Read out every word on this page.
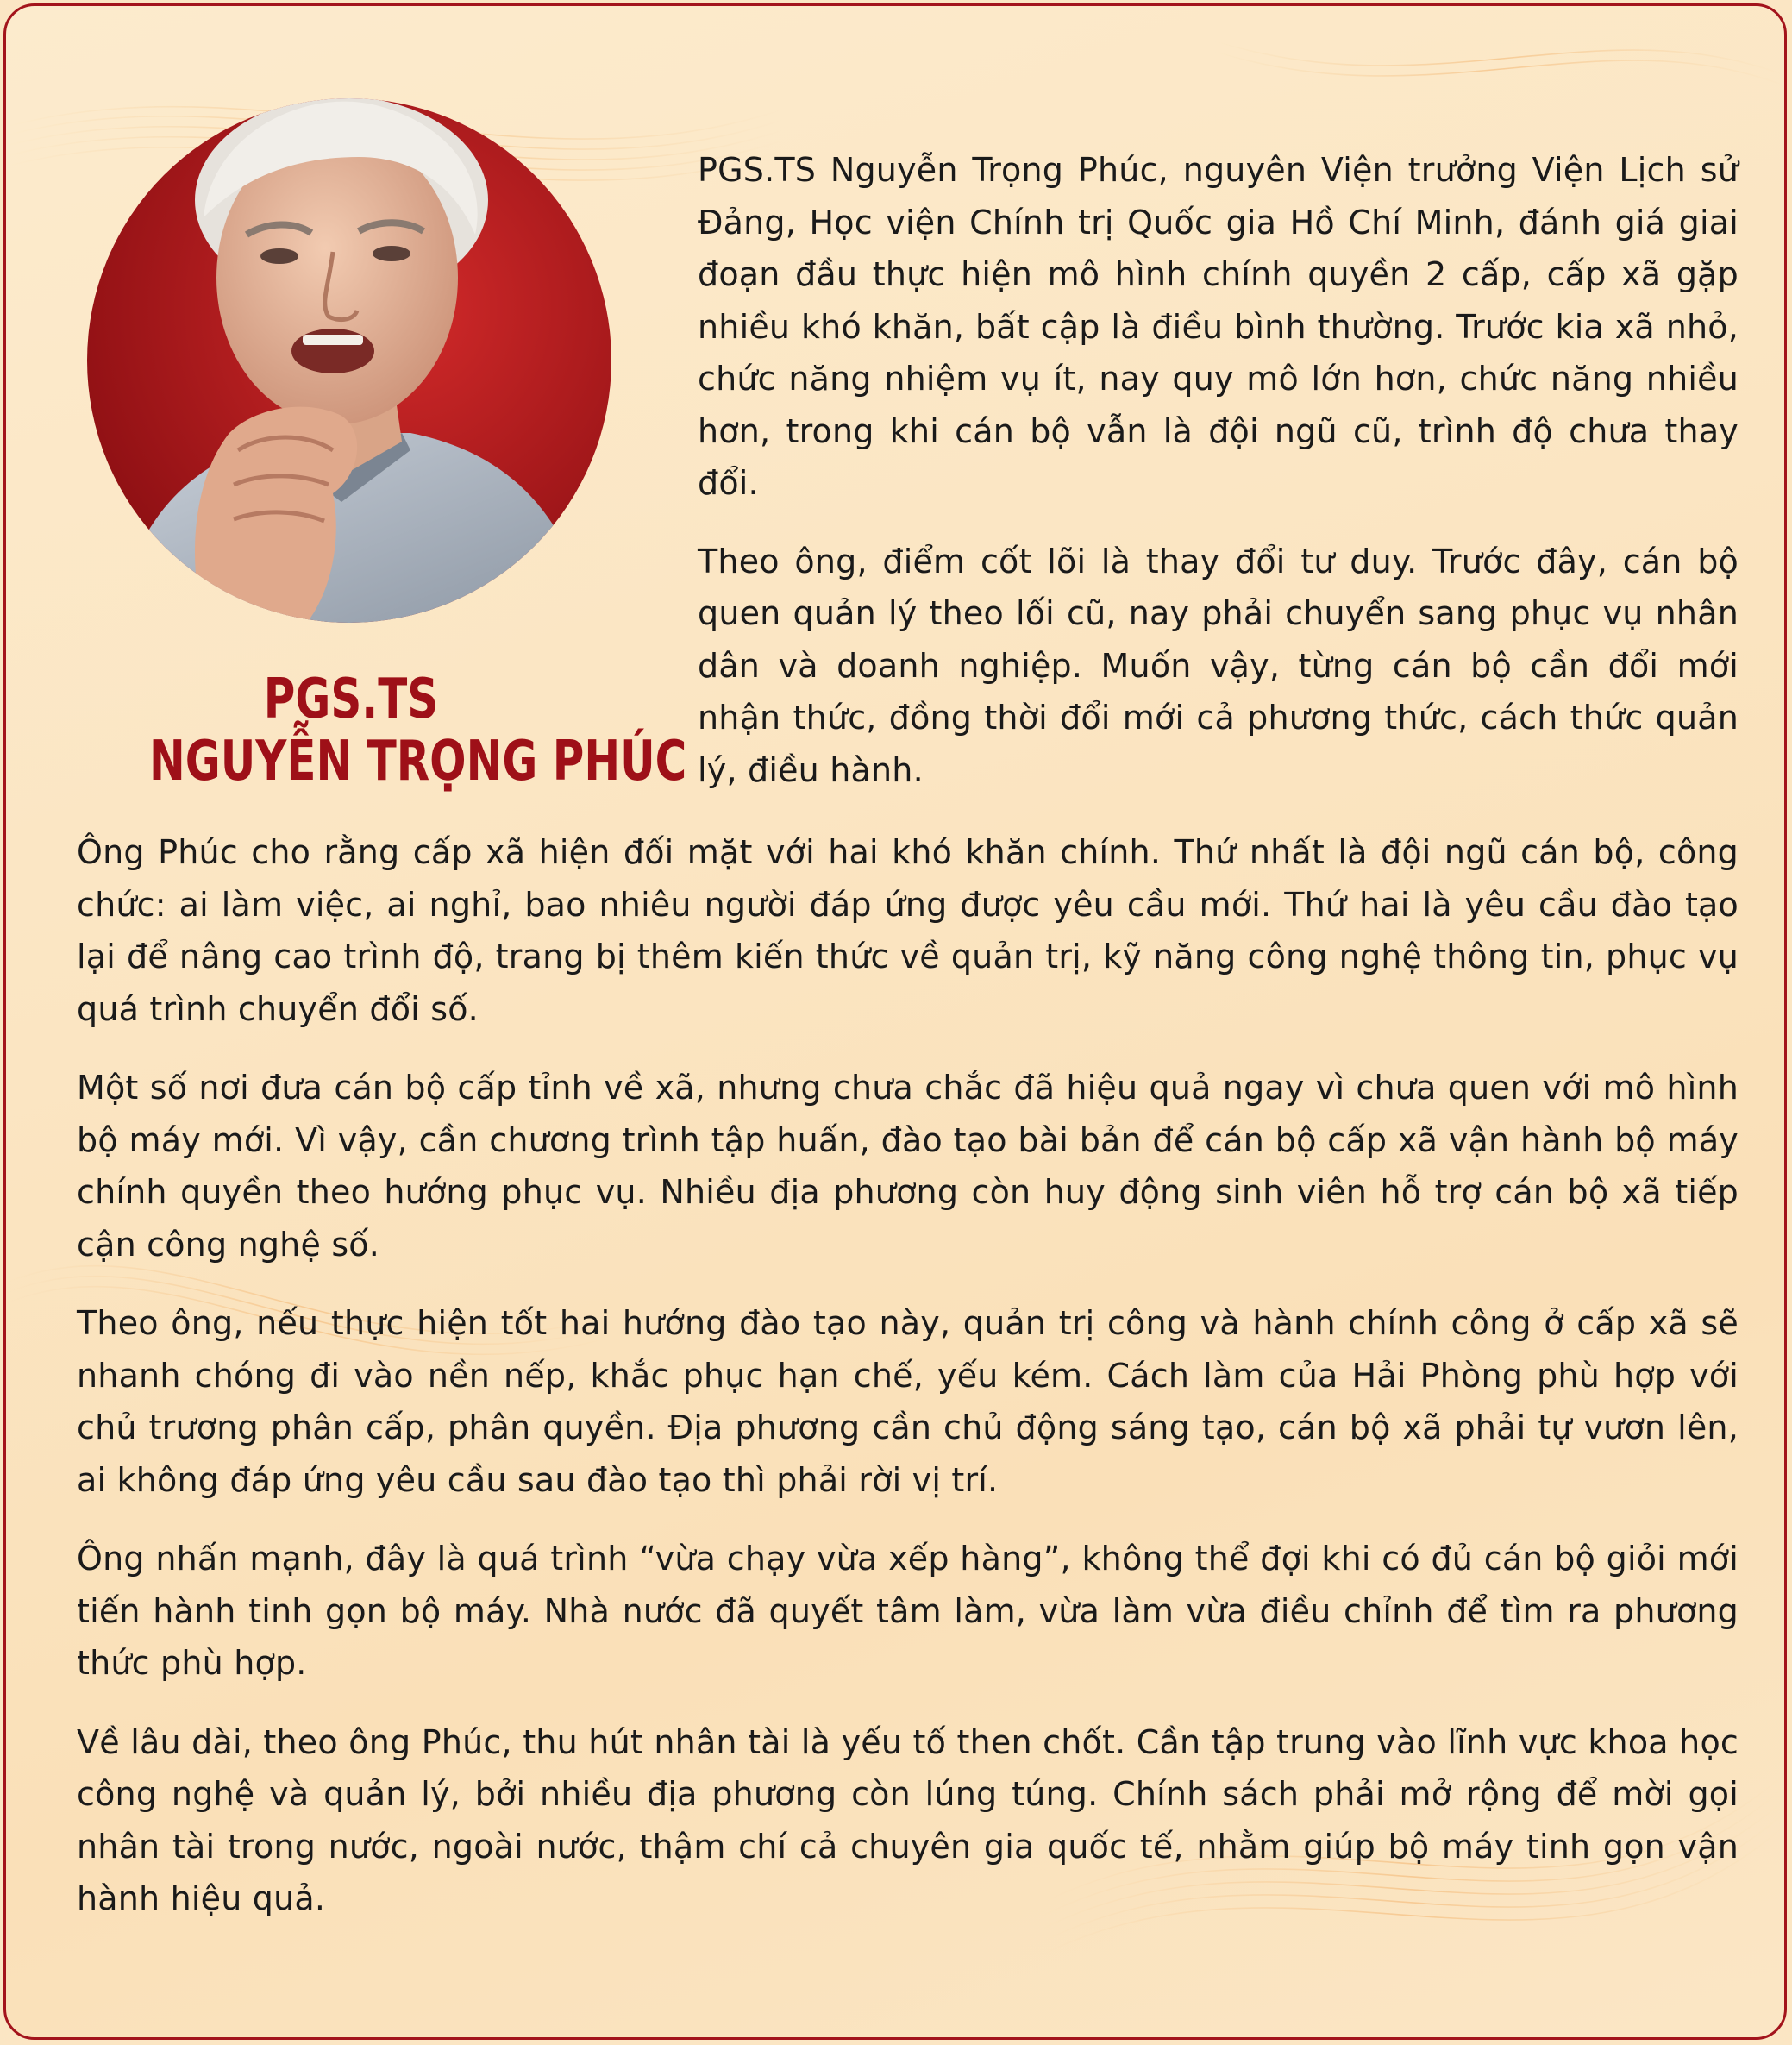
PGS.TS
NGUYỄN TRỌNG PHÚC

PGS.TS Nguyễn Trọng Phúc, nguyên Viện trưởng Viện Lịch sử Đảng, Học viện Chính trị Quốc gia Hồ Chí Minh, đánh giá giai đoạn đầu thực hiện mô hình chính quyền 2 cấp, cấp xã gặp nhiều khó khăn, bất cập là điều bình thường. Trước kia xã nhỏ, chức năng nhiệm vụ ít, nay quy mô lớn hơn, chức năng nhiều hơn, trong khi cán bộ vẫn là đội ngũ cũ, trình độ chưa thay đổi.

Theo ông, điểm cốt lõi là thay đổi tư duy. Trước đây, cán bộ quen quản lý theo lối cũ, nay phải chuyển sang phục vụ nhân dân và doanh nghiệp. Muốn vậy, từng cán bộ cần đổi mới nhận thức, đồng thời đổi mới cả phương thức, cách thức quản lý, điều hành.

Ông Phúc cho rằng cấp xã hiện đối mặt với hai khó khăn chính. Thứ nhất là đội ngũ cán bộ, công chức: ai làm việc, ai nghỉ, bao nhiêu người đáp ứng được yêu cầu mới. Thứ hai là yêu cầu đào tạo lại để nâng cao trình độ, trang bị thêm kiến thức về quản trị, kỹ năng công nghệ thông tin, phục vụ quá trình chuyển đổi số.

Một số nơi đưa cán bộ cấp tỉnh về xã, nhưng chưa chắc đã hiệu quả ngay vì chưa quen với mô hình bộ máy mới. Vì vậy, cần chương trình tập huấn, đào tạo bài bản để cán bộ cấp xã vận hành bộ máy chính quyền theo hướng phục vụ. Nhiều địa phương còn huy động sinh viên hỗ trợ cán bộ xã tiếp cận công nghệ số.

Theo ông, nếu thực hiện tốt hai hướng đào tạo này, quản trị công và hành chính công ở cấp xã sẽ nhanh chóng đi vào nền nếp, khắc phục hạn chế, yếu kém. Cách làm của Hải Phòng phù hợp với chủ trương phân cấp, phân quyền. Địa phương cần chủ động sáng tạo, cán bộ xã phải tự vươn lên, ai không đáp ứng yêu cầu sau đào tạo thì phải rời vị trí.

Ông nhấn mạnh, đây là quá trình “vừa chạy vừa xếp hàng”, không thể đợi khi có đủ cán bộ giỏi mới tiến hành tinh gọn bộ máy. Nhà nước đã quyết tâm làm, vừa làm vừa điều chỉnh để tìm ra phương thức phù hợp.

Về lâu dài, theo ông Phúc, thu hút nhân tài là yếu tố then chốt. Cần tập trung vào lĩnh vực khoa học công nghệ và quản lý, bởi nhiều địa phương còn lúng túng. Chính sách phải mở rộng để mời gọi nhân tài trong nước, ngoài nước, thậm chí cả chuyên gia quốc tế, nhằm giúp bộ máy tinh gọn vận hành hiệu quả.
